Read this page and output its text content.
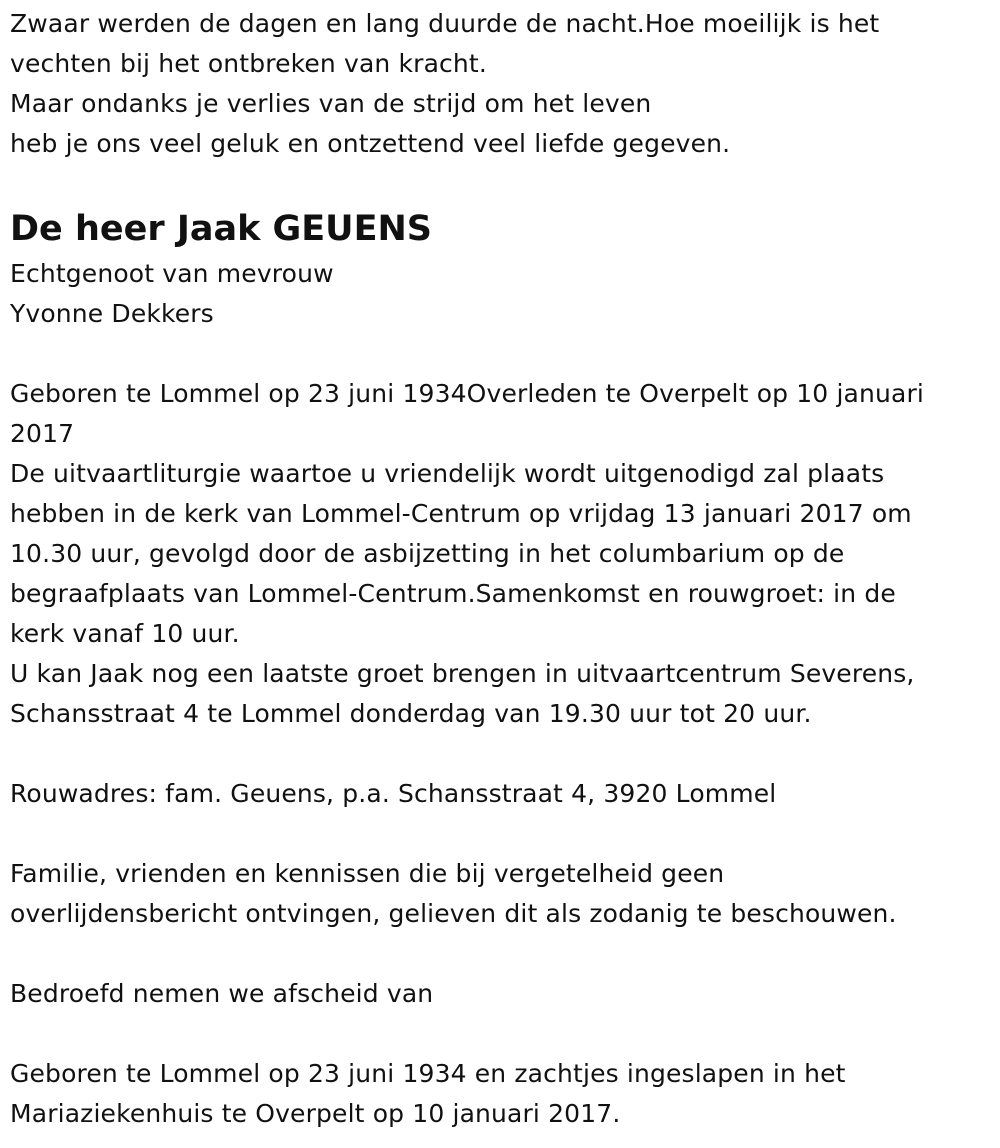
Zwaar werden de dagen en lang duurde de nacht.Hoe moeilijk is het
vechten bij het ontbreken van kracht.
Maar ondanks je verlies van de strijd om het leven
heb je ons veel geluk en ontzettend veel liefde gegeven.
De heer Jaak GEUENS
Echtgenoot van mevrouw
Yvonne Dekkers
Geboren te Lommel op 23 juni 1934Overleden te Overpelt op 10 januari
2017
De uitvaartliturgie waartoe u vriendelijk wordt uitgenodigd zal plaats
hebben in de kerk van Lommel-Centrum op vrijdag 13 januari 2017 om
10.30 uur, gevolgd door de asbijzetting in het columbarium op de
begraafplaats van Lommel-Centrum.Samenkomst en rouwgroet: in de
kerk vanaf 10 uur.
U kan Jaak nog een laatste groet brengen in uitvaartcentrum Severens,
Schansstraat 4 te Lommel donderdag van 19.30 uur tot 20 uur.
Rouwadres: fam. Geuens, p.a. Schansstraat 4, 3920 Lommel
Familie, vrienden en kennissen die bij vergetelheid geen
overlijdensbericht ontvingen, gelieven dit als zodanig te beschouwen.
Bedroefd nemen we afscheid van
Geboren te Lommel op 23 juni 1934 en zachtjes ingeslapen in het
Mariaziekenhuis te Overpelt op 10 januari 2017.
